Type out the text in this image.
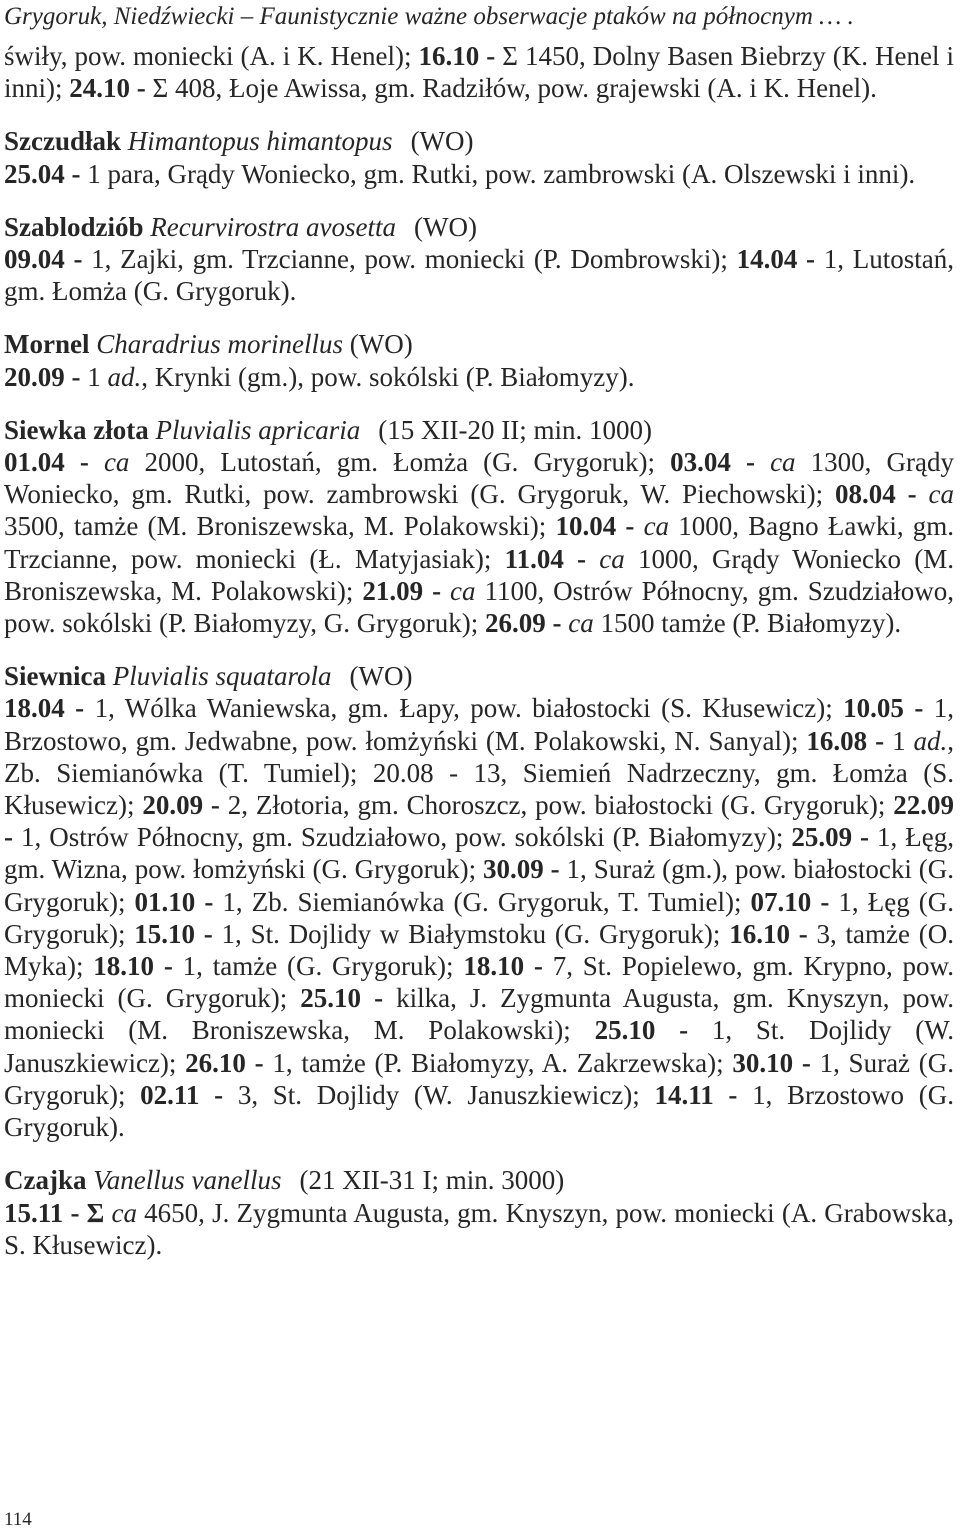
Grygoruk, Niedźwiecki – Faunistycznie ważne obserwacje ptaków na północnym … .

świły, pow. moniecki (A. i K. Henel); 16.10 - Σ 1450, Dolny Basen Biebrzy (K. Henel i inni); 24.10 - Σ 408, Łoje Awissa, gm. Radziłów, pow. grajewski (A. i K. Henel).

Szczudłak Himantopus himantopus (WO)

25.04 - 1 para, Grądy Woniecko, gm. Rutki, pow. zambrowski (A. Olszewski i inni).

Szablodziób Recurvirostra avosetta (WO)

09.04 - 1, Zajki, gm. Trzcianne, pow. moniecki (P. Dombrowski); 14.04 - 1, Lutostań, gm. Łomża (G. Grygoruk).

Mornel Charadrius morinellus (WO)

20.09 - 1 ad., Krynki (gm.), pow. sokólski (P. Białomyzy).

Siewka złota Pluvialis apricaria (15 XII-20 II; min. 1000)

01.04 - ca 2000, Lutostań, gm. Łomża (G. Grygoruk); 03.04 - ca 1300, Grądy Woniecko, gm. Rutki, pow. zambrowski (G. Grygoruk, W. Piechowski); 08.04 - ca 3500, tamże (M. Broniszewska, M. Polakowski); 10.04 - ca 1000, Bagno Ławki, gm. Trzcianne, pow. moniecki (Ł. Matyjasiak); 11.04 - ca 1000, Grądy Woniecko (M. Broniszewska, M. Polakowski); 21.09 - ca 1100, Ostrów Północny, gm. Szudziałowo, pow. sokólski (P. Białomyzy, G. Grygoruk); 26.09 - ca 1500 tamże (P. Białomyzy).

Siewnica Pluvialis squatarola (WO)

18.04 - 1, Wólka Waniewska, gm. Łapy, pow. białostocki (S. Kłusewicz); 10.05 - 1, Brzostowo, gm. Jedwabne, pow. łomżyński (M. Polakowski, N. Sanyal); 16.08 - 1 ad., Zb. Siemianówka (T. Tumiel); 20.08 - 13, Siemień Nadrzeczny, gm. Łomża (S. Kłusewicz); 20.09 - 2, Złotoria, gm. Choroszcz, pow. białostocki (G. Grygoruk); 22.09 - 1, Ostrów Północny, gm. Szudziałowo, pow. sokólski (P. Białomyzy); 25.09 - 1, Łęg, gm. Wizna, pow. łomżyński (G. Grygoruk); 30.09 - 1, Suraż (gm.), pow. białostocki (G. Grygoruk); 01.10 - 1, Zb. Siemianówka (G. Grygoruk, T. Tumiel); 07.10 - 1, Łęg (G. Grygoruk); 15.10 - 1, St. Dojlidy w Białymstoku (G. Grygoruk); 16.10 - 3, tamże (O. Myka); 18.10 - 1, tamże (G. Grygoruk); 18.10 - 7, St. Popielewo, gm. Krypno, pow. moniecki (G. Grygoruk); 25.10 - kilka, J. Zygmunta Augusta, gm. Knyszyn, pow. moniecki (M. Broniszewska, M. Polakowski); 25.10 - 1, St. Dojlidy (W. Januszkiewicz); 26.10 - 1, tamże (P. Białomyzy, A. Zakrzewska); 30.10 - 1, Suraż (G. Grygoruk); 02.11 - 3, St. Dojlidy (W. Januszkiewicz); 14.11 - 1, Brzostowo (G. Grygoruk).

Czajka Vanellus vanellus (21 XII-31 I; min. 3000)

15.11 - Σ ca 4650, J. Zygmunta Augusta, gm. Knyszyn, pow. moniecki (A. Grabowska, S. Kłusewicz).

114
